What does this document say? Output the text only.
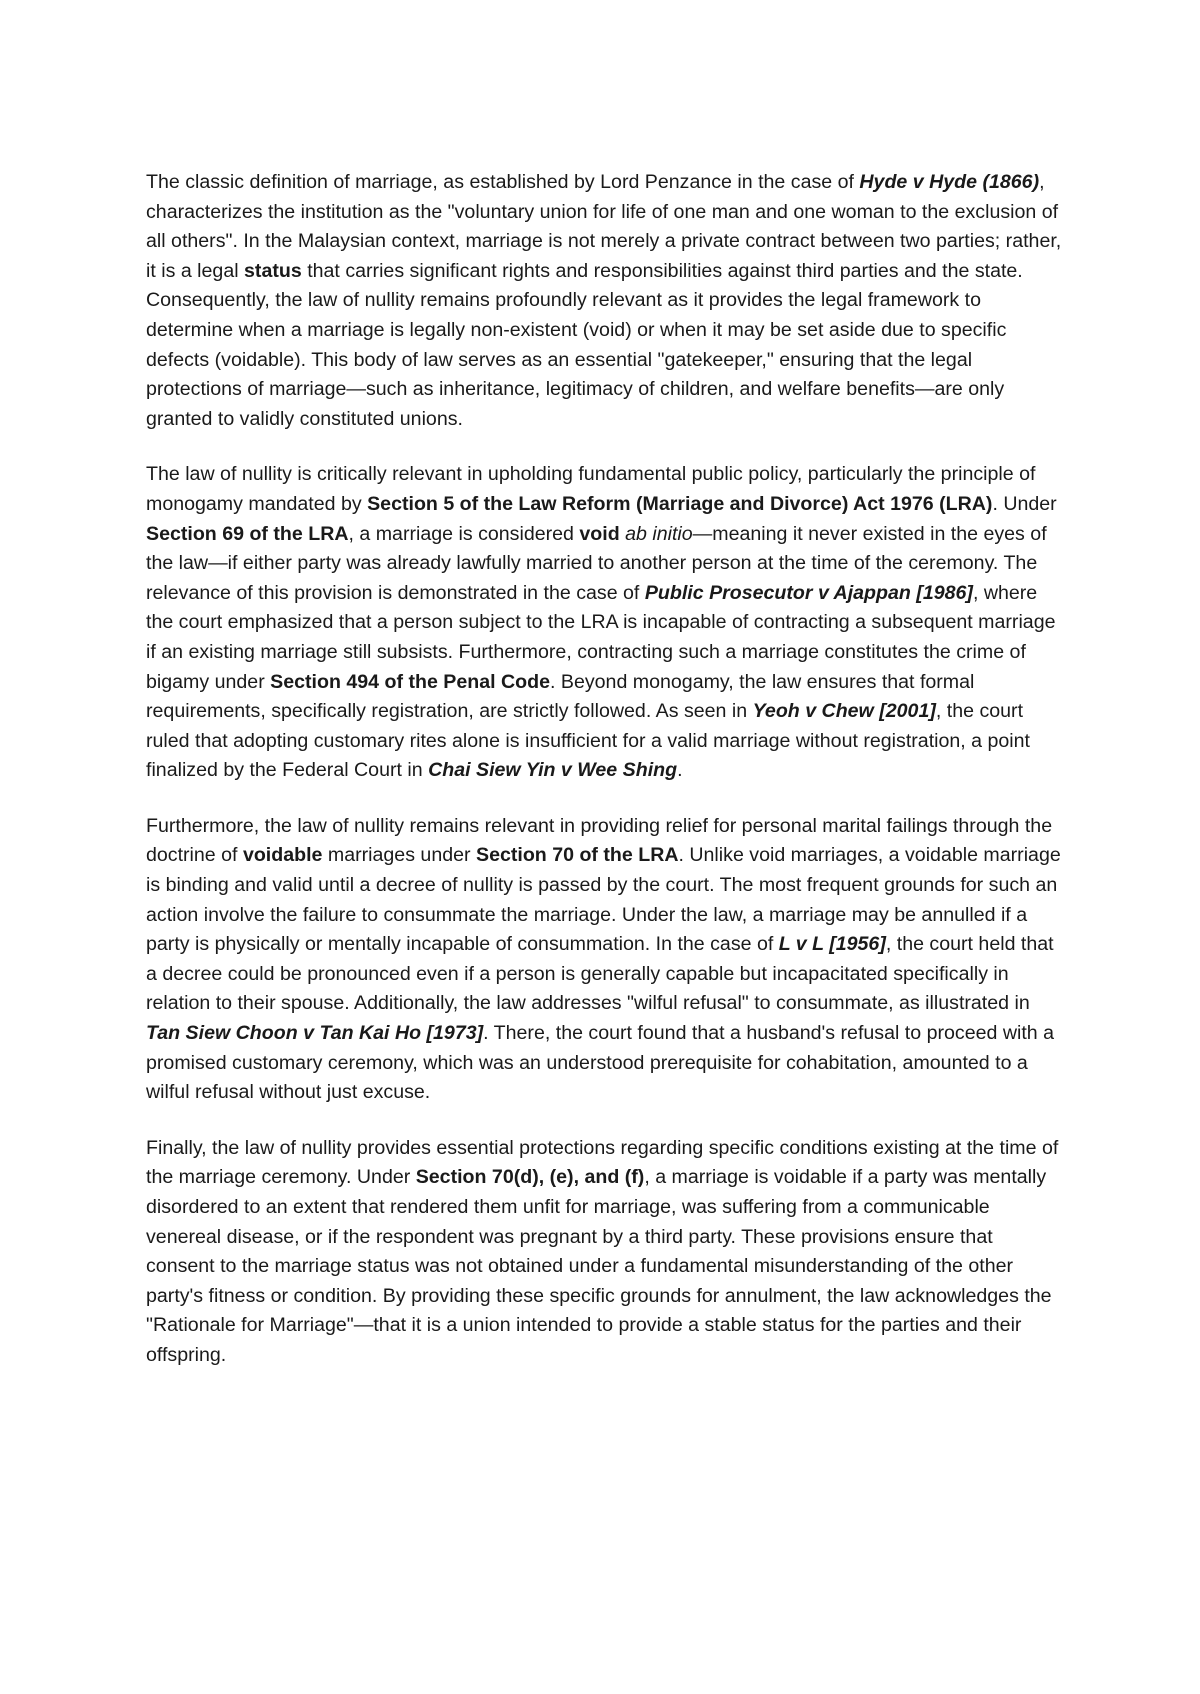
The classic definition of marriage, as established by Lord Penzance in the case of Hyde v Hyde (1866), characterizes the institution as the "voluntary union for life of one man and one woman to the exclusion of all others". In the Malaysian context, marriage is not merely a private contract between two parties; rather, it is a legal status that carries significant rights and responsibilities against third parties and the state. Consequently, the law of nullity remains profoundly relevant as it provides the legal framework to determine when a marriage is legally non-existent (void) or when it may be set aside due to specific defects (voidable). This body of law serves as an essential "gatekeeper," ensuring that the legal protections of marriage—such as inheritance, legitimacy of children, and welfare benefits—are only granted to validly constituted unions.

The law of nullity is critically relevant in upholding fundamental public policy, particularly the principle of monogamy mandated by Section 5 of the Law Reform (Marriage and Divorce) Act 1976 (LRA). Under Section 69 of the LRA, a marriage is considered void ab initio—meaning it never existed in the eyes of the law—if either party was already lawfully married to another person at the time of the ceremony. The relevance of this provision is demonstrated in the case of Public Prosecutor v Ajappan [1986], where the court emphasized that a person subject to the LRA is incapable of contracting a subsequent marriage if an existing marriage still subsists. Furthermore, contracting such a marriage constitutes the crime of bigamy under Section 494 of the Penal Code. Beyond monogamy, the law ensures that formal requirements, specifically registration, are strictly followed. As seen in Yeoh v Chew [2001], the court ruled that adopting customary rites alone is insufficient for a valid marriage without registration, a point finalized by the Federal Court in Chai Siew Yin v Wee Shing.

Furthermore, the law of nullity remains relevant in providing relief for personal marital failings through the doctrine of voidable marriages under Section 70 of the LRA. Unlike void marriages, a voidable marriage is binding and valid until a decree of nullity is passed by the court. The most frequent grounds for such an action involve the failure to consummate the marriage. Under the law, a marriage may be annulled if a party is physically or mentally incapable of consummation. In the case of L v L [1956], the court held that a decree could be pronounced even if a person is generally capable but incapacitated specifically in relation to their spouse. Additionally, the law addresses "wilful refusal" to consummate, as illustrated in Tan Siew Choon v Tan Kai Ho [1973]. There, the court found that a husband's refusal to proceed with a promised customary ceremony, which was an understood prerequisite for cohabitation, amounted to a wilful refusal without just excuse.

Finally, the law of nullity provides essential protections regarding specific conditions existing at the time of the marriage ceremony. Under Section 70(d), (e), and (f), a marriage is voidable if a party was mentally disordered to an extent that rendered them unfit for marriage, was suffering from a communicable venereal disease, or if the respondent was pregnant by a third party. These provisions ensure that consent to the marriage status was not obtained under a fundamental misunderstanding of the other party's fitness or condition. By providing these specific grounds for annulment, the law acknowledges the "Rationale for Marriage"—that it is a union intended to provide a stable status for the parties and their offspring.
